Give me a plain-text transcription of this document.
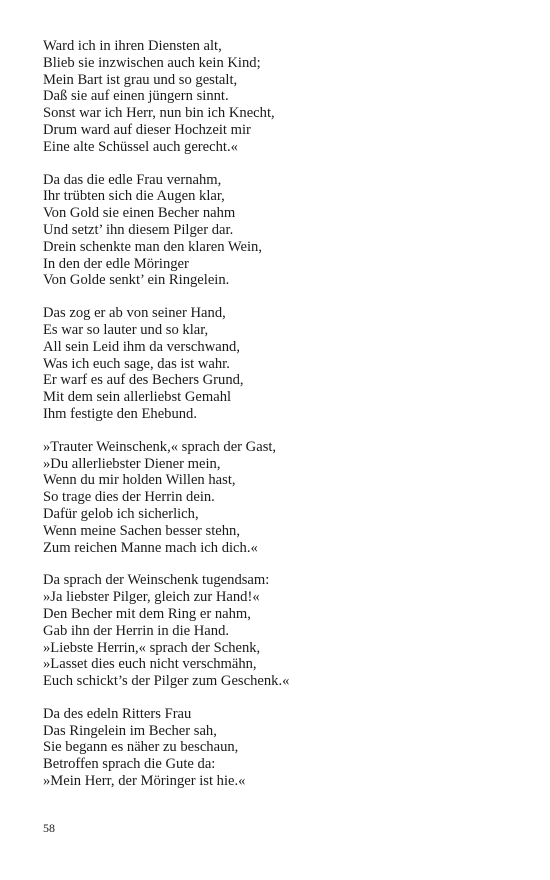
Ward ich in ihren Diensten alt,
Blieb sie inzwischen auch kein Kind;
Mein Bart ist grau und so gestalt,
Daß sie auf einen jüngern sinnt.
Sonst war ich Herr, nun bin ich Knecht,
Drum ward auf dieser Hochzeit mir
Eine alte Schüssel auch gerecht.«
Da das die edle Frau vernahm,
Ihr trübten sich die Augen klar,
Von Gold sie einen Becher nahm
Und setzt’ ihn diesem Pilger dar.
Drein schenkte man den klaren Wein,
In den der edle Möringer
Von Golde senkt’ ein Ringelein.
Das zog er ab von seiner Hand,
Es war so lauter und so klar,
All sein Leid ihm da verschwand,
Was ich euch sage, das ist wahr.
Er warf es auf des Bechers Grund,
Mit dem sein allerliebst Gemahl
Ihm festigte den Ehebund.
»Trauter Weinschenk,« sprach der Gast,
»Du allerliebster Diener mein,
Wenn du mir holden Willen hast,
So trage dies der Herrin dein.
Dafür gelob ich sicherlich,
Wenn meine Sachen besser stehn,
Zum reichen Manne mach ich dich.«
Da sprach der Weinschenk tugendsam:
»Ja liebster Pilger, gleich zur Hand!«
Den Becher mit dem Ring er nahm,
Gab ihn der Herrin in die Hand.
»Liebste Herrin,« sprach der Schenk,
»Lasset dies euch nicht verschmähn,
Euch schickt’s der Pilger zum Geschenk.«
Da des edeln Ritters Frau
Das Ringelein im Becher sah,
Sie begann es näher zu beschaun,
Betroffen sprach die Gute da:
»Mein Herr, der Möringer ist hie.«
58
